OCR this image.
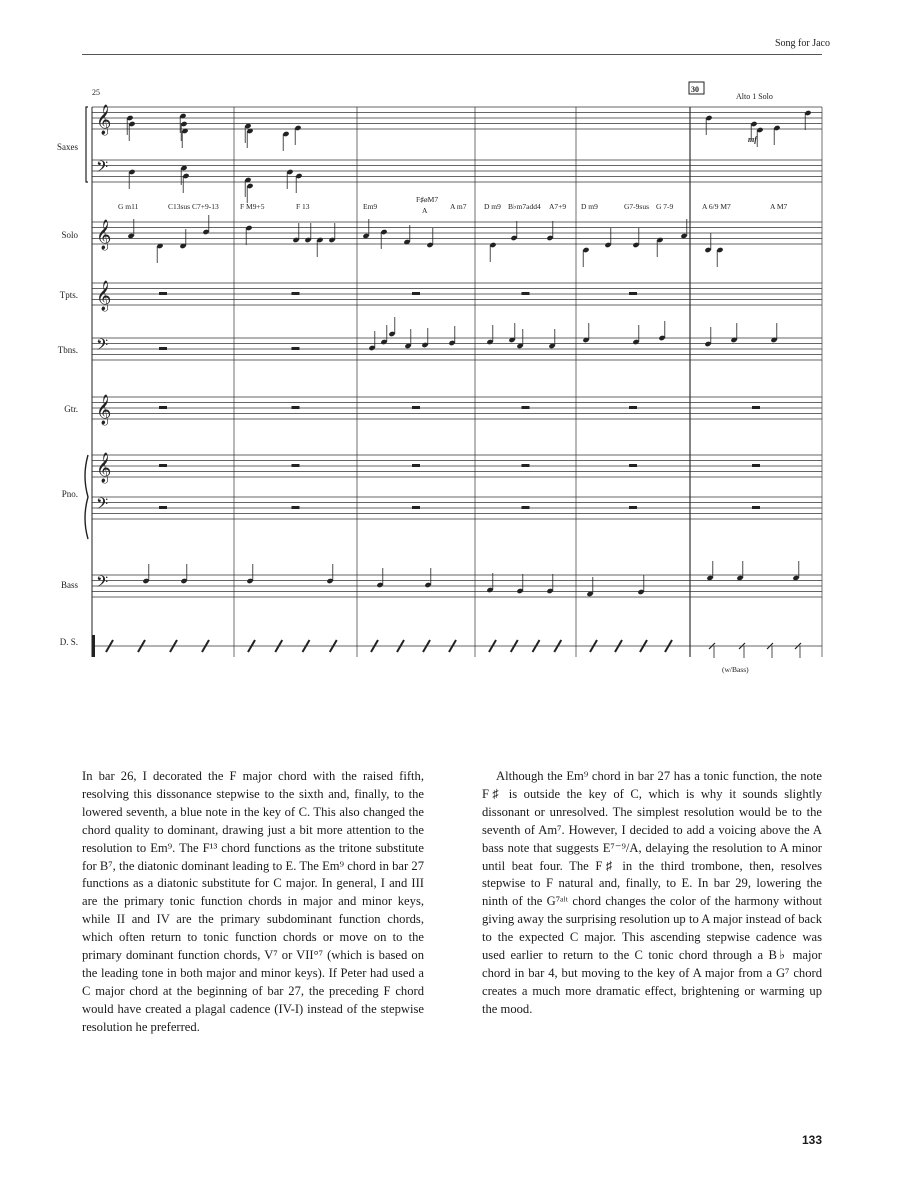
Song for Jaco
𝄞
𝄢
𝄞
𝄞
𝄢
𝄞
𝄞
𝄢
𝄢
25	30
Alto 1 Solo
mf
(w/Bass)
Saxes
Solo
Tpts.
Tbns.
Gtr.
Pno.
Bass
D. S.
G m11	C13sus C7+9-13	F M9+5	F 13	Em9
F♯øM7
A	A m7 D m9 B♭m7add4 A7+9 D m9	G7-9sus G 7-9	A 6/9 M7	A M7

In bar 26, I decorated the F major chord with the raised fifth, resolving this dissonance stepwise to the sixth and, finally, to the lowered seventh, a blue note in the key of C. This also changed the chord quality to dominant, drawing just a bit more attention to the resolution to Em⁹. The F¹³ chord functions as the tritone substitute for B⁷, the diatonic dominant leading to E. The Em⁹ chord in bar 27 functions as a diatonic substitute for C major. In general, I and III are the primary tonic function chords in major and minor keys, while II and IV are the primary subdominant function chords, which often return to tonic function chords or move on to the primary dominant function chords, V⁷ or VII°⁷ (which is based on the leading tone in both major and minor keys). If Peter had used a C major chord at the beginning of bar 27, the preceding F chord would have created a plagal cadence (IV-I) instead of the stepwise resolution he preferred.

Although the Em⁹ chord in bar 27 has a tonic function, the note F♯ is outside the key of C, which is why it sounds slightly dissonant or unresolved. The simplest resolution would be to the seventh of Am⁷. However, I decided to add a voicing above the A bass note that suggests E⁷⁻⁹/A, delaying the resolution to A minor until beat four. The F♯ in the third trombone, then, resolves stepwise to F natural and, finally, to E. In bar 29, lowering the ninth of the G⁷ᵃˡᵗ chord changes the color of the harmony without giving away the surprising resolution up to A major instead of back to the expected C major. This ascending stepwise cadence was used earlier to return to the C tonic chord through a B♭ major chord in bar 4, but moving to the key of A major from a G⁷ chord creates a much more dramatic effect, brightening or warming up the mood.

133
